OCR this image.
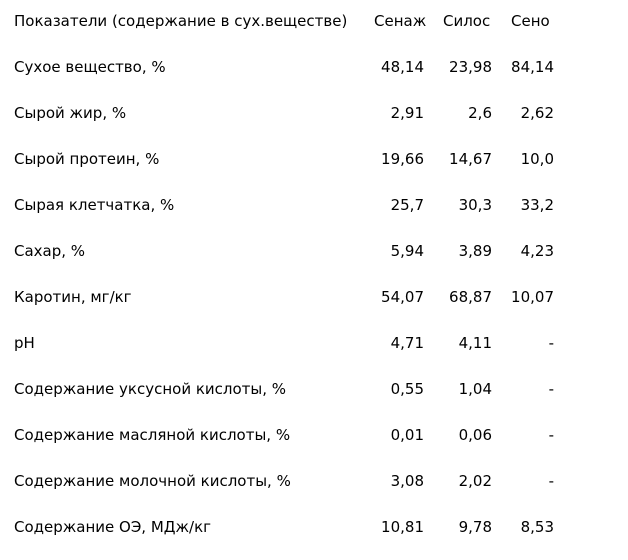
Показатели (содержание в сух.веществе) Сенаж Силос Сено
Сухое вещество, %	48,14	23,98	84,14
Сырой жир, %	2,91	2,6	2,62
Сырой протеин, %	19,66	14,67	10,0
Сырая клетчатка, %	25,7	30,3	33,2
Сахар, %	5,94	3,89	4,23
Каротин, мг/кг	54,07	68,87	10,07
pH	4,71	4,11	-
Содержание уксусной кислоты, %	0,55	1,04	-
Содержание масляной кислоты, %	0,01	0,06	-
Содержание молочной кислоты, %	3,08	2,02	-
Содержание ОЭ, МДж/кг	10,81	9,78	8,53
